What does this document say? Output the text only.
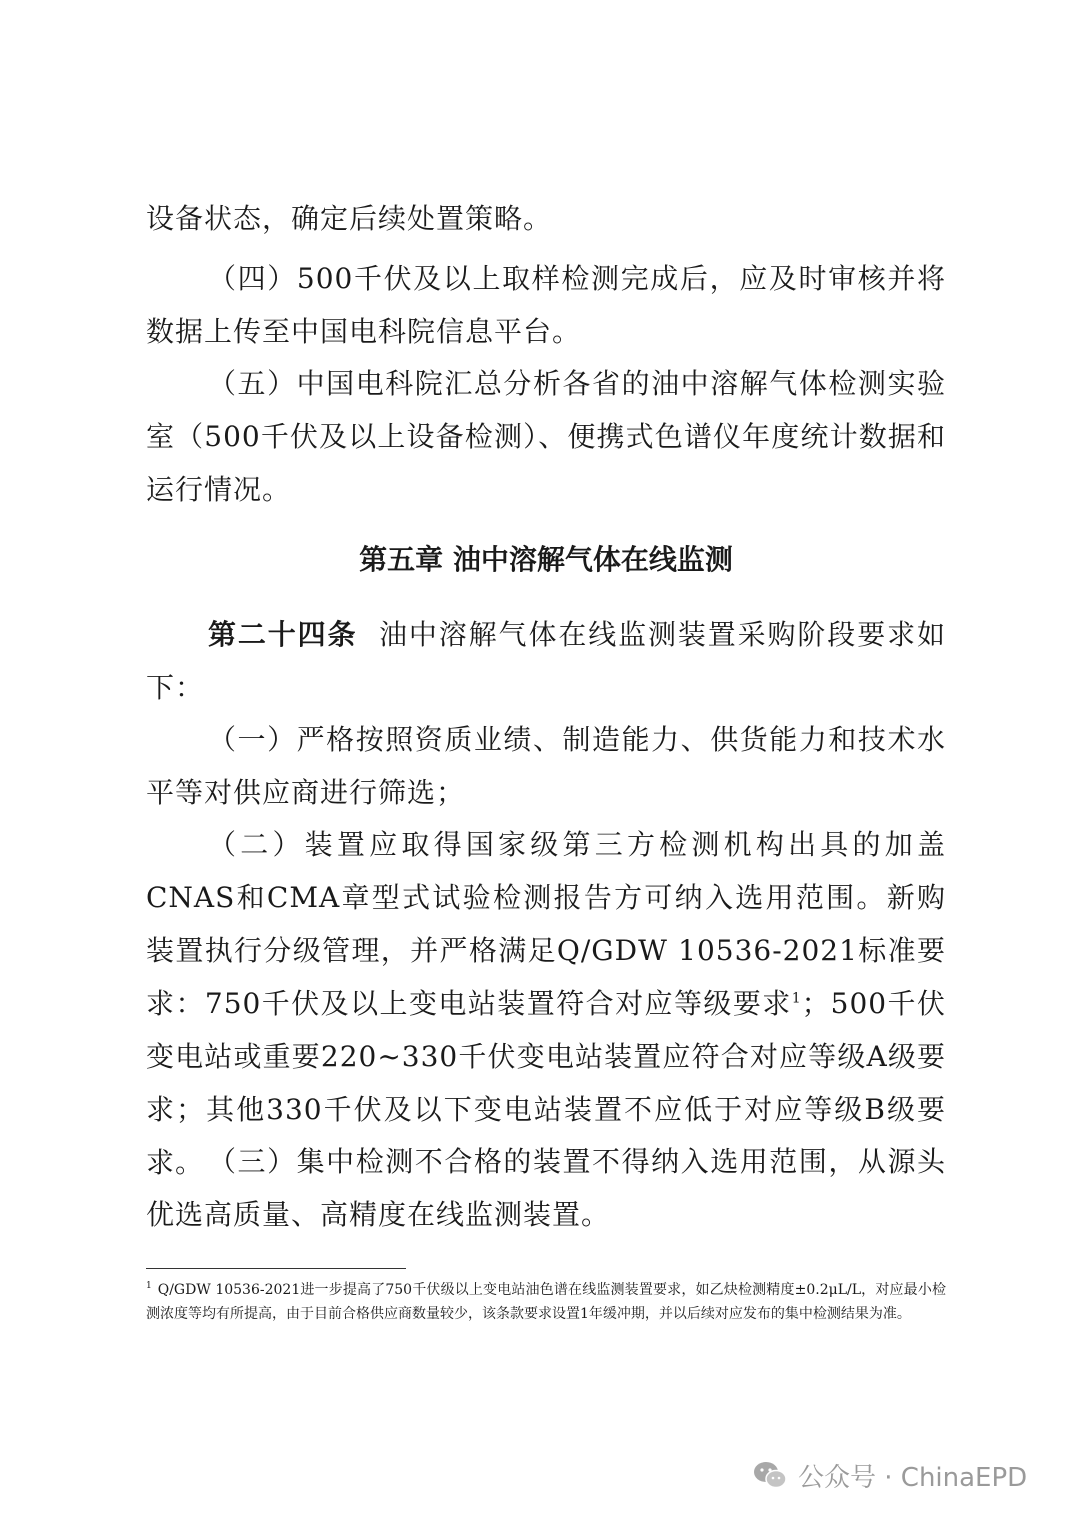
设备状态，确定后续处置策略。

（四）500千伏及以上取样检测完成后，应及时审核并将数据上传至中国电科院信息平台。

（五）中国电科院汇总分析各省的油中溶解气体检测实验室（500千伏及以上设备检测）、便携式色谱仪年度统计数据和运行情况。

第五章 油中溶解气体在线监测

第二十四条 油中溶解气体在线监测装置采购阶段要求如下：

（一）严格按照资质业绩、制造能力、供货能力和技术水平等对供应商进行筛选；

（二）装置应取得国家级第三方检测机构出具的加盖CNAS和CMA章型式试验检测报告方可纳入选用范围。新购装置执行分级管理，并严格满足Q/GDW 10536-2021标准要求：750千伏及以上变电站装置符合对应等级要求$^1$；500千伏变电站或重要220~330千伏变电站装置应符合对应等级A级要求；其他330千伏及以下变电站装置不应低于对应等级B级要求。 （三）集中检测不合格的装置不得纳入选用范围，从源头优选高质量、高精度在线监测装置。

$^1$ Q/GDW 10536-2021进一步提高了750千伏级以上变电站油色谱在线监测装置要求，如乙炔检测精度±0.2μL/L，对应最小检测浓度等均有所提高，由于目前合格供应商数量较少，该条款要求设置1年缓冲期，并以后续对应发布的集中检测结果为准。

公众号 · ChinaEPD
